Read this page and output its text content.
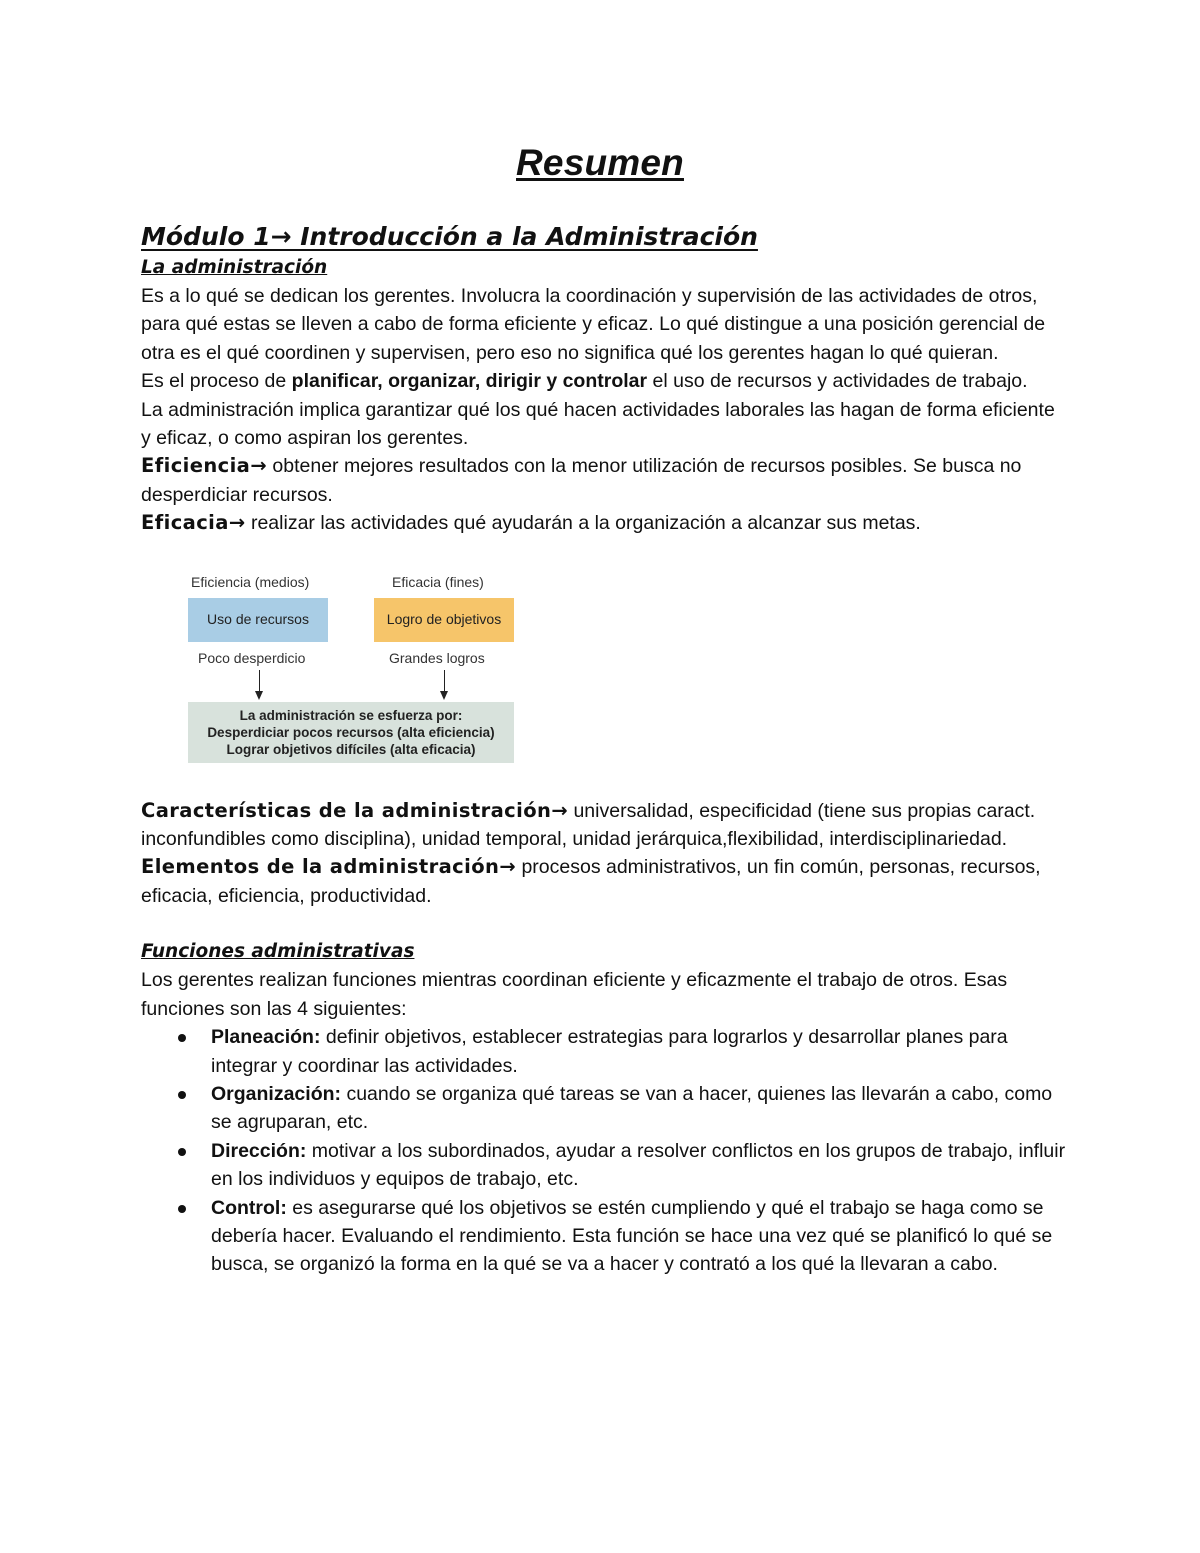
Resumen
Módulo 1→ Introducción a la Administración
La administración

Es a lo qué se dedican los gerentes. Involucra la coordinación y supervisión de las actividades de otros, para qué estas se lleven a cabo de forma eficiente y eficaz. Lo qué distingue a una posición gerencial de otra es el qué coordinen y supervisen, pero eso no significa qué los gerentes hagan lo qué quieran.

Es el proceso de planificar, organizar, dirigir y controlar el uso de recursos y actividades de trabajo.

La administración implica garantizar qué los qué hacen actividades laborales las hagan de forma eficiente y eficaz, o como aspiran los gerentes.

Eficiencia→ obtener mejores resultados con la menor utilización de recursos posibles. Se busca no desperdiciar recursos.

Eficacia→ realizar las actividades qué ayudarán a la organización a alcanzar sus metas.

Eficiencia (medios)	Eficacia (fines)
Uso de recursos	Logro de objetivos
Poco desperdicio	Grandes logros
La administración se esfuerza por:
Desperdiciar pocos recursos (alta eficiencia)
Lograr objetivos difíciles (alta eficacia)

Características de la administración→ universalidad, especificidad (tiene sus propias caract. inconfundibles como disciplina), unidad temporal, unidad jerárquica,flexibilidad, interdisciplinariedad.

Elementos de la administración→ procesos administrativos, un fin común, personas, recursos, eficacia, eficiencia, productividad.

Funciones administrativas

Los gerentes realizan funciones mientras coordinan eficiente y eficazmente el trabajo de otros. Esas funciones son las 4 siguientes:

Planeación: definir objetivos, establecer estrategias para lograrlos y desarrollar planes para integrar y coordinar las actividades.
Organización: cuando se organiza qué tareas se van a hacer, quienes las llevarán a cabo, como se agruparan, etc.
Dirección: motivar a los subordinados, ayudar a resolver conflictos en los grupos de trabajo, influir en los individuos y equipos de trabajo, etc.
Control: es asegurarse qué los objetivos se estén cumpliendo y qué el trabajo se haga como se debería hacer. Evaluando el rendimiento. Esta función se hace una vez qué se planificó lo qué se busca, se organizó la forma en la qué se va a hacer y contrató a los qué la llevaran a cabo.
